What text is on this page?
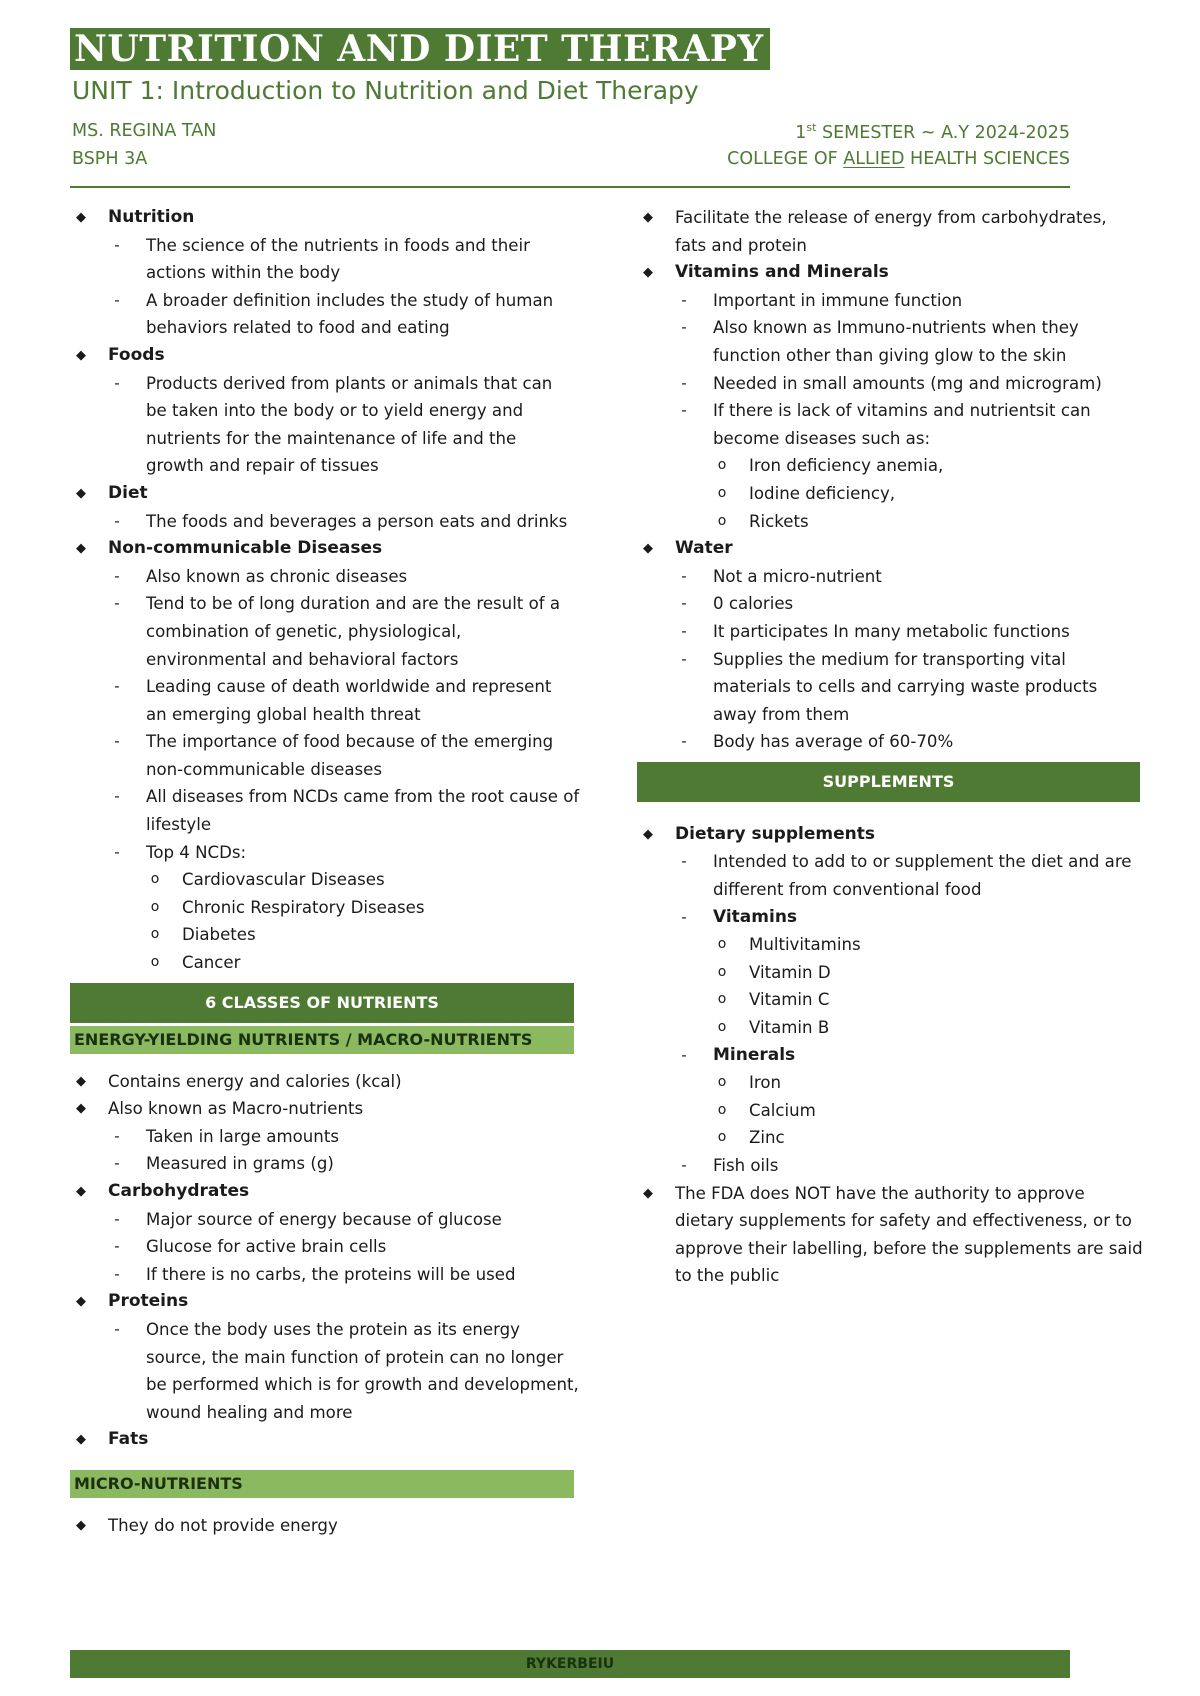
NUTRITION AND DIET THERAPY
UNIT 1: Introduction to Nutrition and Diet Therapy
MS. REGINA TAN
BSPH 3A
1st SEMESTER ~ A.Y 2024-2025
COLLEGE OF ALLIED HEALTH SCIENCES
◆	Nutrition
-	The science of the nutrients in foods and their
actions within the body
-	A broader definition includes the study of human
behaviors related to food and eating
◆	Foods
-	Products derived from plants or animals that can
be taken into the body or to yield energy and
nutrients for the maintenance of life and the
growth and repair of tissues
◆	Diet
-	The foods and beverages a person eats and drinks
◆	Non-communicable Diseases
-	Also known as chronic diseases
-	Tend to be of long duration and are the result of a
combination of genetic, physiological,
environmental and behavioral factors
-	Leading cause of death worldwide and represent
an emerging global health threat
-	The importance of food because of the emerging
non-communicable diseases
-	All diseases from NCDs came from the root cause of
lifestyle
-	Top 4 NCDs:
o	Cardiovascular Diseases
o	Chronic Respiratory Diseases
o	Diabetes
o	Cancer
6 CLASSES OF NUTRIENTS
ENERGY-YIELDING NUTRIENTS / MACRO-NUTRIENTS
◆	Contains energy and calories (kcal)
◆	Also known as Macro-nutrients
-	Taken in large amounts
-	Measured in grams (g)
◆	Carbohydrates
-	Major source of energy because of glucose
-	Glucose for active brain cells
-	If there is no carbs, the proteins will be used
◆	Proteins
-	Once the body uses the protein as its energy
source, the main function of protein can no longer
be performed which is for growth and development,
wound healing and more
◆	Fats
MICRO-NUTRIENTS
◆	They do not provide energy
◆	Facilitate the release of energy from carbohydrates,
fats and protein
◆	Vitamins and Minerals
-	Important in immune function
-	Also known as Immuno-nutrients when they
function other than giving glow to the skin
-	Needed in small amounts (mg and microgram)
-	If there is lack of vitamins and nutrientsit can
become diseases such as:
o	Iron deficiency anemia,
o	Iodine deficiency,
o	Rickets
◆	Water
-	Not a micro-nutrient
-	0 calories
-	It participates In many metabolic functions
-	Supplies the medium for transporting vital
materials to cells and carrying waste products
away from them
-	Body has average of 60-70%
SUPPLEMENTS
◆	Dietary supplements
-	Intended to add to or supplement the diet and are
different from conventional food
-	Vitamins
o	Multivitamins
o	Vitamin D
o	Vitamin C
o	Vitamin B
-	Minerals
o	Iron
o	Calcium
o	Zinc
-	Fish oils
◆	The FDA does NOT have the authority to approve
dietary supplements for safety and effectiveness, or to
approve their labelling, before the supplements are said
to the public
RYKERBEIU
